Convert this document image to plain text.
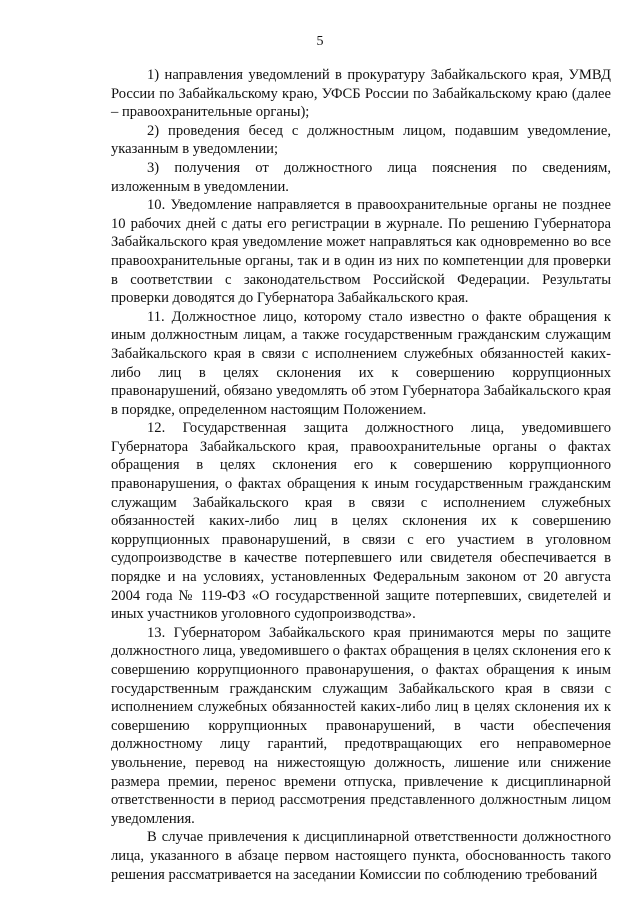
5

1) направления уведомлений в прокуратуру Забайкальского края, УМВД России по Забайкальскому краю, УФСБ России по Забайкальскому краю (далее – правоохранительные органы);

2) проведения бесед с должностным лицом, подавшим уведомление, указанным в уведомлении;

3) получения от должностного лица пояснения по сведениям, изложенным в уведомлении.

10. Уведомление направляется в правоохранительные органы не позднее 10 рабочих дней с даты его регистрации в журнале. По решению Губернатора Забайкальского края уведомление может направляться как одновременно во все правоохранительные органы, так и в один из них по компетенции для проверки в соответствии с законодательством Российской Федерации. Результаты проверки доводятся до Губернатора Забайкальского края.

11. Должностное лицо, которому стало известно о факте обращения к иным должностным лицам, а также государственным гражданским служащим Забайкальского края в связи с исполнением служебных обязанностей каких-либо лиц в целях склонения их к совершению коррупционных правонарушений, обязано уведомлять об этом Губернатора Забайкальского края в порядке, определенном настоящим Положением.

12. Государственная защита должностного лица, уведомившего Губернатора Забайкальского края, правоохранительные органы о фактах обращения в целях склонения его к совершению коррупционного правонарушения, о фактах обращения к иным государственным гражданским служащим Забайкальского края в связи с исполнением служебных обязанностей каких-либо лиц в целях склонения их к совершению коррупционных правонарушений, в связи с его участием в уголовном судопроизводстве в качестве потерпевшего или свидетеля обеспечивается в порядке и на условиях, установленных Федеральным законом от 20 августа 2004 года № 119-ФЗ «О государственной защите потерпевших, свидетелей и иных участников уголовного судопроизводства».

13. Губернатором Забайкальского края принимаются меры по защите должностного лица, уведомившего о фактах обращения в целях склонения его к совершению коррупционного правонарушения, о фактах обращения к иным государственным гражданским служащим Забайкальского края в связи с исполнением служебных обязанностей каких-либо лиц в целях склонения их к совершению коррупционных правонарушений, в части обеспечения должностному лицу гарантий, предотвращающих его неправомерное увольнение, перевод на нижестоящую должность, лишение или снижение размера премии, перенос времени отпуска, привлечение к дисциплинарной ответственности в период рассмотрения представленного должностным лицом уведомления.

В случае привлечения к дисциплинарной ответственности должностного лица, указанного в абзаце первом настоящего пункта, обоснованность такого решения рассматривается на заседании Комиссии по соблюдению требований
